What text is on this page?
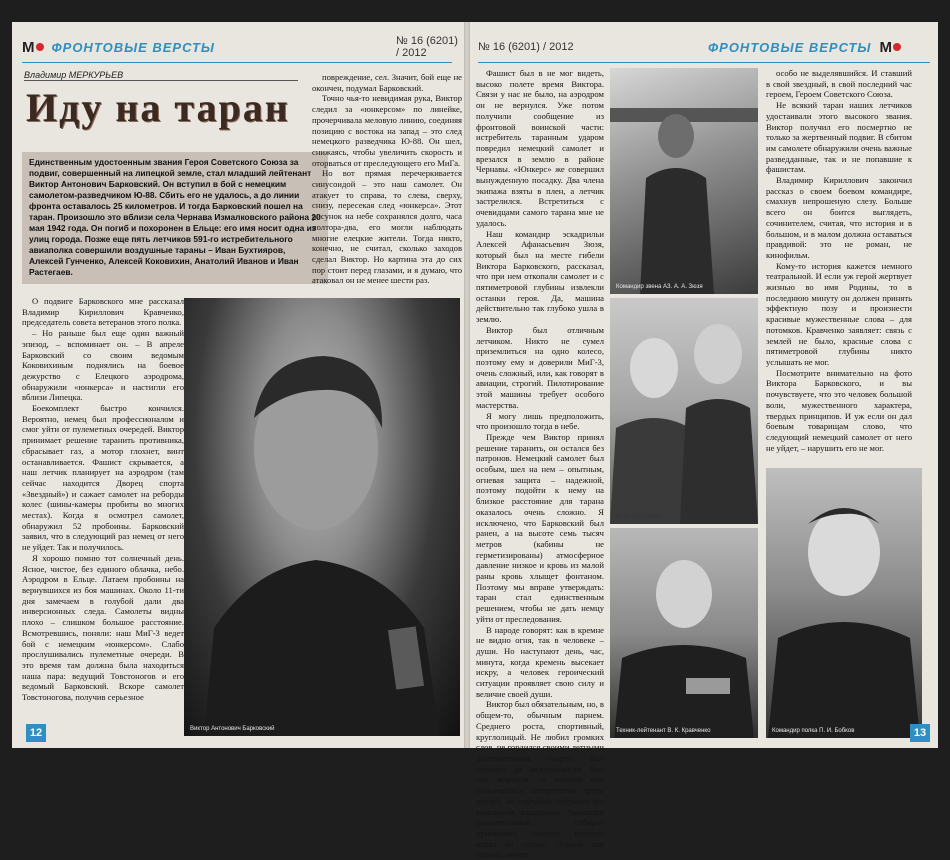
M	ФРОНТОВЫЕ ВЕРСТЫ	№ 16 (6201) / 2012
Владимир МЕРКУРЬЕВ
Иду на таран
Единственным удостоенным звания Героя Советского Союза за подвиг, совершенный на липецкой земле, стал младший лейтенант Виктор Антонович Барковский. Он вступил в бой с немецким самолетом-разведчиком Ю-88. Сбить его не удалось, а до линии фронта оставалось 25 километров. И тогда Барковский пошел на таран. Произошло это вблизи села Чернава Измалковского района 20 мая 1942 года. Он погиб и похоронен в Ельце: его имя носит одна из улиц города. Позже еще пять летчиков 591-го истребительного авиаполка совершили воздушные тараны – Иван Бухтияров, Алексей Гунченко, Алексей Коковихин, Анатолий Иванов и Иван Растегаев.

повреждение, сел. Значит, бой еще не окончен, подумал Барковский.

Точно чья-то невидимая рука, Виктор следил за «юнкерсом» по линейке, прочерчивала меловую линию, соединяя позицию с востока на запад – это след немецкого разведчика Ю-88. Он шел, снижаясь, чтобы увеличить скорость и оторваться от преследующего его МиГа.

Но вот прямая перечеркивается синусоидой – это наш самолет. Он атакует то справа, то слева, сверху, снизу, пересекая след «юнкерса». Этот рисунок на небе сохранялся долго, часа полтора-два, его могли наблюдать многие елецкие жители. Тогда никто, конечно, не считал, сколько заходов сделал Виктор. Но картина эта до сих пор стоит перед глазами, и я думаю, что атаковал он не менее шести раз.

О подвиге Барковского мне рассказал Владимир Кириллович Кравченко, председатель совета ветеранов этого полка.

– Но раньше был еще один важный эпизод, – вспоминает он. – В апреле Барковский со своим ведомым Коковихиным поднялись на боевое дежурство с Елецкого аэродрома, обнаружили «юнкерса» и настигли его вблизи Липецка.

Боекомплект быстро кончился. Вероятно, немец был профессионалом и смог уйти от пулеметных очередей. Виктор принимает решение таранить противника, сбрасывает газ, а мотор глохнет, винт останавливается. Фашист скрывается, а наш летчик планирует на аэродром (там сейчас находится Дворец спорта «Звездный») и сажает самолет на реборды колес (шины-камеры пробиты во многих местах). Когда я осмотрел самолет, обнаружил 52 пробоины. Барковский заявил, что в следующий раз немец от него не уйдет. Так и получилось.

Я хорошо помню тот солнечный день. Ясное, чистое, без единого облачка, небо. Аэродром в Ельце. Латаем пробоины на вернувшихся из боя машинах. Около 11-ти дня замечаем в голубой дали два инверсионных следа. Самолеты видны плохо – слишком большое расстояние. Всмотревшись, поняли: наш МиГ-3 ведет бой с немецким «юнкерсом». Слабо прослушивались пулеметные очереди. В это время там должна была находиться наша пара: ведущий Товстоногов и его ведомый Барковский. Вскоре самолет Товстоногова, получив серьезное

Виктор Антонович Барковский
12
№ 16 (6201) / 2012	ФРОНТОВЫЕ ВЕРСТЫ M

Фашист был в не мог видеть, высоко полете время Виктора. Связи у нас не было, на аэродром он не вернулся. Уже потом получили сообщение из фронтовой воинской части: истребитель таранным ударом повредил немецкий самолет и врезался в землю в районе Чернавы. «Юнкерс» же совершил вынужденную посадку. Два члена экипажа взяты в плен, а летчик застрелился. Встретиться с очевидцами самого тарана мне не удалось.

Наш командир эскадрильи Алексей Афанасьевич Зюзя, который был на месте гибели Виктора Барковского, рассказал, что при нем откопали самолет и с пятиметровой глубины извлекли останки героя. Да, машина действительно так глубоко ушла в землю.

Виктор был отличным летчиком. Никто не сумел приземлиться на одно колесо, поэтому ему и доверили МиГ-3, очень сложный, или, как говорят в авиации, строгий. Пилотирование этой машины требует особого мастерства.

Я могу лишь предположить, что произошло тогда в небе.

Прежде чем Виктор принял решение таранить, он остался без патронов. Немецкий самолет был особым, шел на нем – опытным, огневая защита – надежной, поэтому подойти к нему на близкое расстояние для тарана оказалось очень сложно. Я исключено, что Барковский был ранен, а на высоте семь тысяч метров (кабины не герметизированы) атмосферное давление низкое и кровь из малой раны кровь хлыщет фонтаном. Поэтому мы вправе утверждать: таран стал единственным решением, чтобы не дать немцу уйти от преследования.

В народе говорят: как в кремне не видно огня, так в человеке – души. Но наступают день, час, минута, когда кремень высекает искру, а человек героический ситуации проявляет свою силу и величие своей души.

Виктор был обязательным, но, в общем-то, обычным парнем. Среднего роста, спортивный, круглолицый. Не любил громких слов, не гордился своими летными достижениями, скорее, был скромен до застенчивости. Все это, впрочем, не мешало ему пользоваться авторитетом среди друзей, не случайно избрания его комсоргом эскадрильи. Увлекался радиотехникой, собирал приемники, говорят, неплохо играл на гитаре. Парень как парень, ничем

Командир звена АЗ. А. А. Зюзя
И. П. Растегаев
Техник-лейтенант В. К. Кравченко

особо не выделявшийся. И ставший в свой звездный, в свой последний час героем, Героем Советского Союза.

Не всякий таран наших летчиков удостаивали этого высокого звания. Виктор получил его посмертно не только за жертвенный подвиг. В сбитом им самолете обнаружили очень важные разведданные, так и не попавшие к фашистам.

Владимир Кириллович закончил рассказ о своем боевом командире, смахнув непрошеную слезу. Больше всего он боится выглядеть, сочинителем, считая, что история и в большом, и в малом должна оставаться правдивой: это не роман, не кинофильм.

Кому-то история кажется немного театральной. И если уж герой жертвует жизнью во имя Родины, то в последнюю минуту он должен принять эффектную позу и произнести красивые мужественные слова – для потомков. Кравченко заявляет: связь с землей не было, красные слова с пятиметровой глубины никто услышать не мог.

Посмотрите внимательно на фото Виктора Барковского, и вы почувствуете, что это человек большой воли, мужественного характера, твердых принципов. И уж если он дал боевым товарищам слово, что следующий немецкий самолет от него не уйдет, – нарушить его не мог.

Командир полка П. И. Бобков	13
